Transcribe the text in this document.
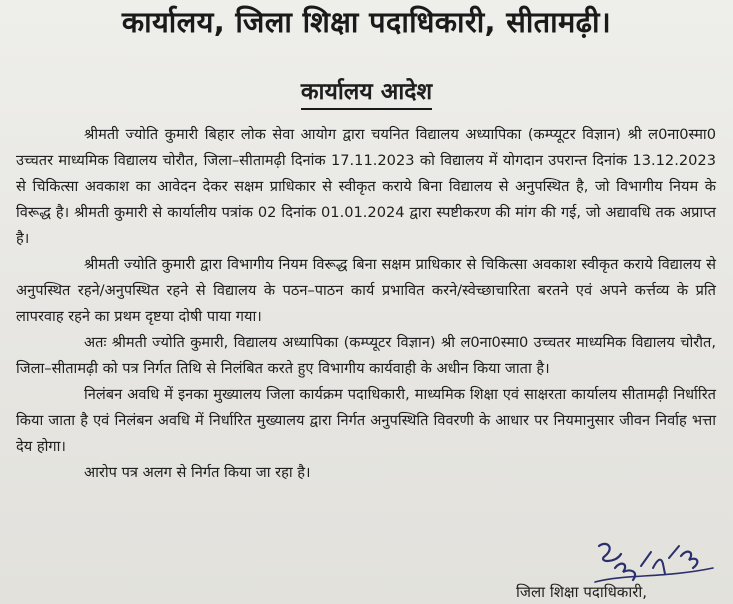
कार्यालय, जिला शिक्षा पदाधिकारी, सीतामढ़ी।
कार्यालय आदेश

श्रीमती ज्योति कुमारी बिहार लोक सेवा आयोग द्वारा चयनित विद्यालय अध्यापिका (कम्प्यूटर विज्ञान) श्री ल0ना0स्मा0 उच्चतर माध्यमिक विद्यालय चोरौत, जिला–सीतामढ़ी दिनांक 17.11.2023 को विद्यालय में योगदान उपरान्त दिनांक 13.12.2023 से चिकित्सा अवकाश का आवेदन देकर सक्षम प्राधिकार से स्वीकृत कराये बिना विद्यालय से अनुपस्थित है, जो विभागीय नियम के विरूद्ध है। श्रीमती कुमारी से कार्यालीय पत्रांक 02 दिनांक 01.01.2024 द्वारा स्पष्टीकरण की मांग की गई, जो अद्यावधि तक अप्राप्त है।

श्रीमती ज्योति कुमारी द्वारा विभागीय नियम विरूद्ध बिना सक्षम प्राधिकार से चिकित्सा अवकाश स्वीकृत कराये विद्यालय से अनुपस्थित रहने/अनुपस्थित रहने से विद्यालय के पठन–पाठन कार्य प्रभावित करने/स्वेच्छाचारिता बरतने एवं अपने कर्त्तव्य के प्रति लापरवाह रहने का प्रथम दृष्टया दोषी पाया गया।

अतः श्रीमती ज्योति कुमारी, विद्यालय अध्यापिका (कम्प्यूटर विज्ञान) श्री ल0ना0स्मा0 उच्चतर माध्यमिक विद्यालय चोरौत, जिला–सीतामढ़ी को पत्र निर्गत तिथि से निलंबित करते हुए विभागीय कार्यवाही के अधीन किया जाता है।

निलंबन अवधि में इनका मुख्यालय जिला कार्यक्रम पदाधिकारी, माध्यमिक शिक्षा एवं साक्षरता कार्यालय सीतामढ़ी निर्धारित किया जाता है एवं निलंबन अवधि में निर्धारित मुख्यालय द्वारा निर्गत अनुपस्थिति विवरणी के आधार पर नियमानुसार जीवन निर्वाह भत्ता देय होगा।

आरोप पत्र अलग से निर्गत किया जा रहा है।

जिला शिक्षा पदाधिकारी,
